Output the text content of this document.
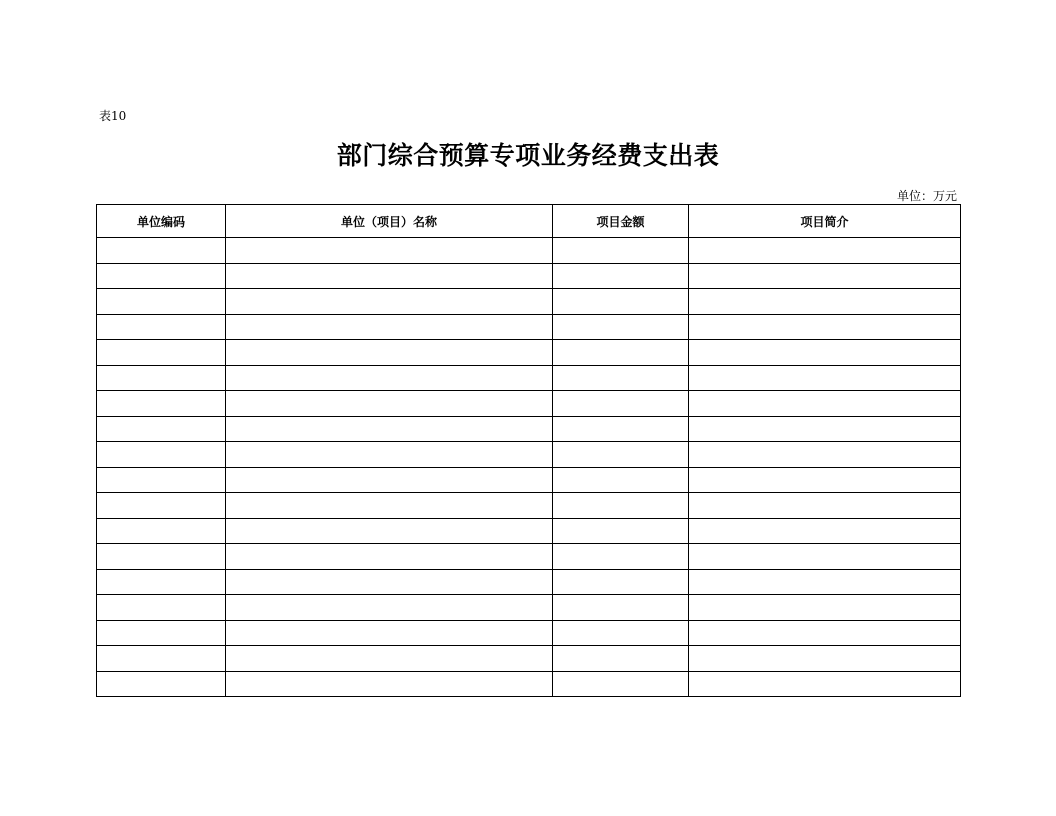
表10
部门综合预算专项业务经费支出表
单位：万元
单位编码	单位（项目）名称	项目金额	项目简介
